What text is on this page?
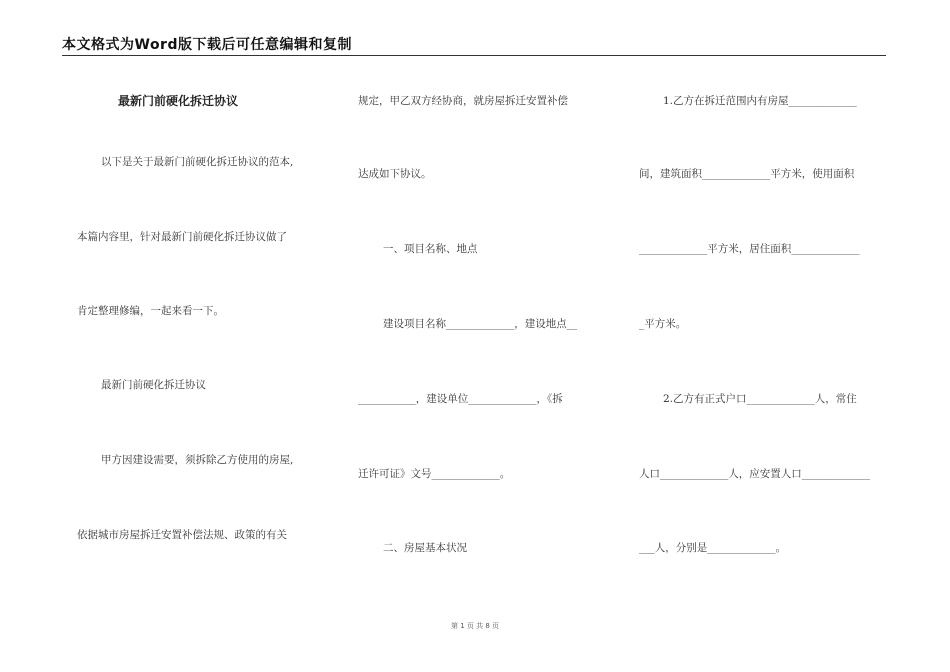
本文格式为Word版下载后可任意编辑和复制
最新门前硬化拆迁协议
以下是关于最新门前硬化拆迁协议的范本,
本篇内容里，针对最新门前硬化拆迁协议做了
肯定整理修编，一起来看一下。
最新门前硬化拆迁协议
甲方因建设需要，须拆除乙方使用的房屋,
依据城市房屋拆迁安置补偿法规、政策的有关
规定，甲乙双方经协商，就房屋拆迁安置补偿
达成如下协议。
一、项目名称、地点
建设项目名称_____________，建设地点__
___________，建设单位_____________，《拆
迁许可证》文号_____________。
二、房屋基本状况
1.乙方在拆迁范围内有房屋_____________
间，建筑面积_____________平方米，使用面积
_____________平方米，居住面积_____________
_平方米。
2.乙方有正式户口_____________人，常住
人口_____________人，应安置人口_____________
___人，分别是_____________。
第 1 页 共 8 页
